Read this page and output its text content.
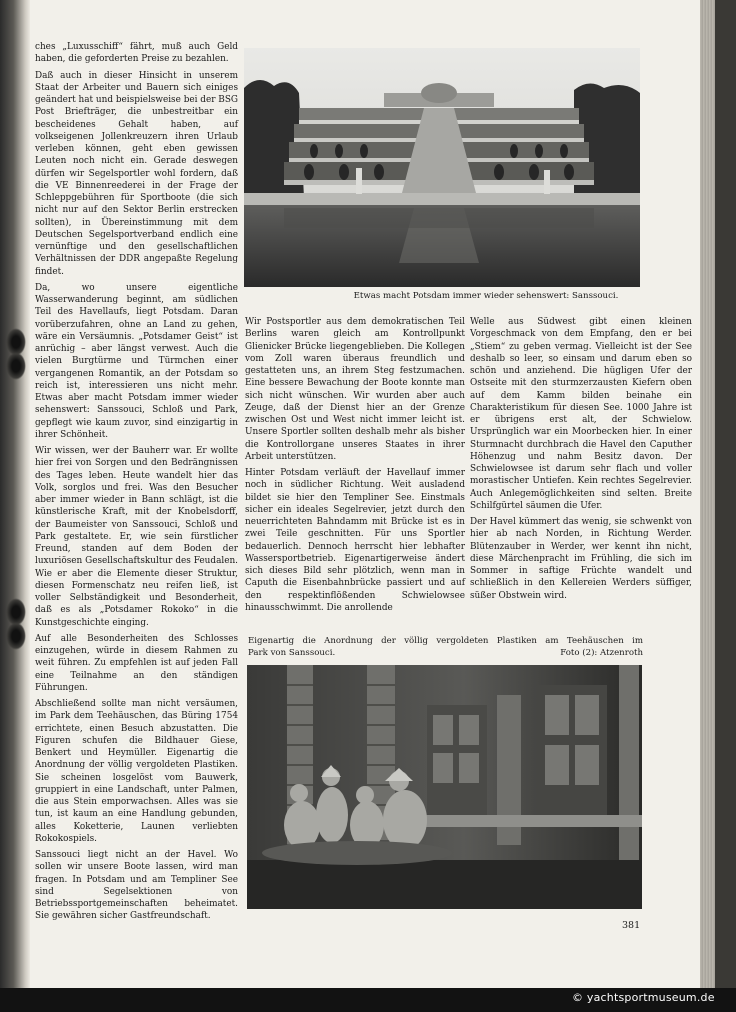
ches „Luxusschiff“ fährt, muß auch Geld haben, die geforderten Preise zu bezahlen.

Daß auch in dieser Hinsicht in unserem Staat der Arbeiter und Bauern sich einiges geändert hat und beispielsweise bei der BSG Post Briefträger, die unbestreitbar ein bescheidenes Gehalt haben, auf volkseigenen Jollenkreuzern ihren Urlaub verleben können, geht eben gewissen Leuten noch nicht ein. Gerade deswegen dürfen wir Segelsportler wohl fordern, daß die VE Binnenreederei in der Frage der Schleppgebühren für Sportboote (die sich nicht nur auf den Sektor Berlin erstrecken sollten), in Übereinstimmung mit dem Deutschen Segelsportverband endlich eine vernünftige und den gesellschaftlichen Verhältnissen der DDR angepaßte Regelung findet.

Da, wo unsere eigentliche Wasserwanderung beginnt, am südlichen Teil des Havellaufs, liegt Potsdam. Daran vorüberzufahren, ohne an Land zu gehen, wäre ein Versäumnis. „Potsdamer Geist“ ist anrüchig – aber längst verwest. Auch die vielen Burgtürme und Türmchen einer vergangenen Romantik, an der Potsdam so reich ist, interessieren uns nicht mehr. Etwas aber macht Potsdam immer wieder sehenswert: Sanssouci, Schloß und Park, gepflegt wie kaum zuvor, sind einzigartig in ihrer Schönheit.

Wir wissen, wer der Bauherr war. Er wollte hier frei von Sorgen und den Bedrängnissen des Tages leben. Heute wandelt hier das Volk, sorglos und frei. Was den Besucher aber immer wieder in Bann schlägt, ist die künstlerische Kraft, mit der Knobelsdorff, der Baumeister von Sanssouci, Schloß und Park gestaltete. Er, wie sein fürstlicher Freund, standen auf dem Boden der luxuriösen Gesellschaftskultur des Feudalen. Wie er aber die Elemente dieser Struktur, diesen Formenschatz neu reifen ließ, ist voller Selbständigkeit und Besonderheit, daß es als „Potsdamer Rokoko“ in die Kunstgeschichte einging.

Auf alle Besonderheiten des Schlosses einzugehen, würde in diesem Rahmen zu weit führen. Zu empfehlen ist auf jeden Fall eine Teilnahme an den ständigen Führungen.

Abschließend sollte man nicht versäumen, im Park dem Teehäuschen, das Büring 1754 errichtete, einen Besuch abzustatten. Die Figuren schufen die Bildhauer Giese, Benkert und Heymüller. Eigenartig die Anordnung der völlig vergoldeten Plastiken. Sie scheinen losgelöst vom Bauwerk, gruppiert in eine Landschaft, unter Palmen, die aus Stein emporwachsen. Alles was sie tun, ist kaum an eine Handlung gebunden, alles Koketterie, Launen verliebten Rokokospiels.

Sanssouci liegt nicht an der Havel. Wo sollen wir unsere Boote lassen, wird man fragen. In Potsdam und am Templiner See sind Segelsektionen von Betriebssportgemeinschaften beheimatet. Sie gewähren sicher Gastfreundschaft.

Etwas macht Potsdam immer wieder sehenswert: Sanssouci.

Wir Postsportler aus dem demokratischen Teil Berlins waren gleich am Kontrollpunkt Glienicker Brücke liegengeblieben. Die Kollegen vom Zoll waren überaus freundlich und gestatteten uns, an ihrem Steg festzumachen. Eine bessere Bewachung der Boote konnte man sich nicht wünschen. Wir wurden aber auch Zeuge, daß der Dienst hier an der Grenze zwischen Ost und West nicht immer leicht ist. Unsere Sportler sollten deshalb mehr als bisher die Kontrollorgane unseres Staates in ihrer Arbeit unterstützen.

Hinter Potsdam verläuft der Havellauf immer noch in südlicher Richtung. Weit ausladend bildet sie hier den Templiner See. Einstmals sicher ein ideales Segelrevier, jetzt durch den neuerrichteten Bahndamm mit Brücke ist es in zwei Teile geschnitten. Für uns Sportler bedauerlich. Dennoch herrscht hier lebhafter Wassersportbetrieb. Eigenartigerweise ändert sich dieses Bild sehr plötzlich, wenn man in Caputh die Eisenbahnbrücke passiert und auf den respektinflößenden Schwielowsee hinausschwimmt. Die anrollende

Welle aus Südwest gibt einen kleinen Vorgeschmack von dem Empfang, den er bei „Stiem“ zu geben vermag. Vielleicht ist der See deshalb so leer, so einsam und darum eben so schön und anziehend. Die hügligen Ufer der Ostseite mit den sturmzerzausten Kiefern oben auf dem Kamm bilden beinahe ein Charakteristikum für diesen See. 1000 Jahre ist er übrigens erst alt, der Schwielow. Ursprünglich war ein Moorbecken hier. In einer Sturmnacht durchbrach die Havel den Caputher Höhenzug und nahm Besitz davon. Der Schwielowsee ist darum sehr flach und voller morastischer Untiefen. Kein rechtes Segelrevier. Auch Anlegemöglichkeiten sind selten. Breite Schilfgürtel säumen die Ufer.

Der Havel kümmert das wenig, sie schwenkt von hier ab nach Norden, in Richtung Werder. Blütenzauber in Werder, wer kennt ihn nicht, diese Märchenpracht im Frühling, die sich im Sommer in saftige Früchte wandelt und schließlich in den Kellereien Werders süffiger, süßer Obstwein wird.

Eigenartig die Anordnung der völlig vergoldeten Plastiken am Teehäuschen im
Park von Sanssouci.	Foto (2): Atzenroth
381
© yachtsportmuseum.de
